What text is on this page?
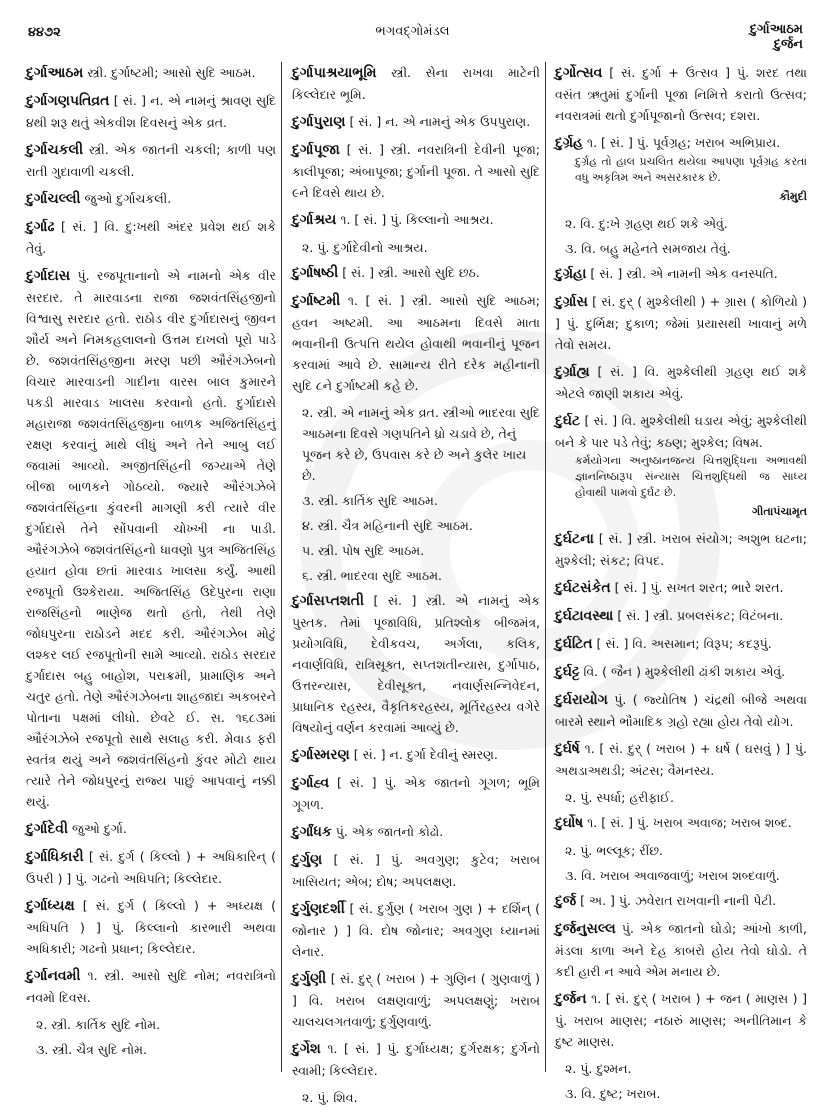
૪૪૭૨	ભગવદ્ગોમંડલ	દુર્ગાઆઠમ
દુર્જન
દુર્ગાઆઠમ સ્ત્રી. દુર્ગાષ્ટમી; આસો સુદિ આઠમ.
દુર્ગાગણપતિવ્રત [ સં. ] ન. એ નામનું શ્રાવણ સુદિ ૪થી શરૂ થતું એકવીશ દિવસનું એક વ્રત.
દુર્ગાચકલી સ્ત્રી. એક જાતની ચકલી; કાળી પણ રાતી ગુદાવાળી ચકલી.
દુર્ગાચલ્લી જુઓ દુર્ગાચકલી.
દુર્ગાઢ [ સં. ] વિ. દુ:ખથી અંદર પ્રવેશ થઈ શકે તેવું.
દુર્ગાદાસ પું. રજપૂતાનાનો એ નામનો એક વીર સરદાર. તે મારવાડના રાજા જશવંતસિંહજીનો વિશ્વાસુ સરદાર હતો. રાઠોડ વીર દુર્ગાદાસનું જીવન શૌર્ય અને નિમકહલાલનો ઉત્તમ દાખલો પૂરો પાડે છે. જશવંતસિંહજીના મરણ પછી ઔરંગઝેબનો વિચાર મારવાડની ગાદીના વારસ બાલ કુમારને પકડી મારવાડ ખાલસા કરવાનો હતો. દુર્ગાદાસે મહારાજા જશવંતસિંહજીના બાળક અજિતસિંહનું રક્ષણ કરવાનું માથે લીધું અને તેને આબુ લઈ જવામાં આવ્યો. અજીતસિંહની જગ્યાએ તેણે બીજા બાળકને ગોઠવ્યો. જ્યારે ઔરંગઝેબે જશવંતસિંહના કુંવરની માગણી કરી ત્યારે વીર દુર્ગાદાસે તેને સોંપવાની ચોખ્ખી ના પાડી. ઔરંગઝેબે જશવંતસિંહનો ધાવણો પુત્ર અજિતસિંહ હયાત હોવા છતાં મારવાડ ખાલસા કર્યું. આથી રજપૂતો ઉશ્કેરાયા. અજિતસિંહ ઉદેપુરના રાણા રાજસિંહનો ભાણેજ થતો હતો, તેથી તેણે જોધપુરના રાઠોડને મદદ કરી. ઔરંગઝેબ મોટું લશ્કર લઈ રજપૂતોની સામે આવ્યો. રાઠોડ સરદાર દુર્ગાદાસ બહુ બાહોશ, પરાક્રમી, પ્રામાણિક અને ચતુર હતો. તેણે ઔરંગઝેબના શાહજાદા અકબરને પોતાના પક્ષમાં લીધો. છેવટે ઈ. સ. ૧૬૮૩માં ઔરંગઝેબે રજપૂતો સાથે સલાહ કરી. મેવાડ ફરી સ્વતંત્ર થયું અને જશવંતસિંહનો કુંવર મોટો થાય ત્યારે તેને જોધપુરનું રાજ્ય પાછું આપવાનું નક્કી થયું.
દુર્ગાદેવી જુઓ દુર્ગા.
દુર્ગાધિકારી [ સં. દુર્ગ ( કિલ્લો ) + અધિકારિન્ ( ઉપરી ) ] પું. ગઢનો અધિપતિ; કિલ્લેદાર.
દુર્ગાધ્યક્ષ [ સં. દુર્ગ ( કિલ્લો ) + અધ્યક્ષ ( અધિપતિ ) ] પું. કિલ્લાનો કારભારી અથવા અધિકારી; ગઢનો પ્રધાન; કિલ્લેદાર.
દુર્ગાનવમી ૧. સ્ત્રી. આસો સુદિ નોમ; નવરાત્રિનો નવમો દિવસ.
૨. સ્ત્રી. કાર્તિક સુદિ નોમ.
૩. સ્ત્રી. ચૈત્ર સુદિ નોમ.
દુર્ગાપાશ્રયાભૂમિ સ્ત્રી. સેના રાખવા માટેની કિલ્લેદાર ભૂમિ.
દુર્ગાપુરાણ [ સં. ] ન. એ નામનું એક ઉપપુરાણ.
દુર્ગાપૂજા [ સં. ] સ્ત્રી. નવરાત્રિની દેવીની પૂજા; કાલીપૂજા; અંબાપૂજા; દુર્ગાની પૂજા. તે આસો સુદિ ૯ને દિવસે થાય છે.
દુર્ગાશ્રય ૧. [ સં. ] પું. કિલ્લાનો આશ્રય.
૨. પું. દુર્ગાદેવીનો આશ્રય.
દુર્ગાષષ્ઠી [ સં. ] સ્ત્રી. આસો સુદિ છઠ.
દુર્ગાષ્ટમી ૧. [ સં. ] સ્ત્રી. આસો સુદિ આઠમ; હવન અષ્ટમી. આ આઠમના દિવસે માતા ભવાનીની ઉત્પત્તિ થયેલ હોવાથી ભવાનીનું પૂજન કરવામાં આવે છે. સામાન્ય રીતે દરેક મહીનાની સુદિ ૮ને દુર્ગાષ્ટમી કહે છે.
૨. સ્ત્રી. એ નામનું એક વ્રત. સ્ત્રીઓ ભાદરવા સુદિ આઠમના દિવસે ગણપતિને ધ્રો ચડાવે છે, તેનું પૂજન કરે છે, ઉપવાસ કરે છે અને કુલેર ખાય છે.
૩. સ્ત્રી. કાર્તિક સુદિ આઠમ.
૪. સ્ત્રી. ચૈત્ર મહિનાની સુદિ આઠમ.
૫. સ્ત્રી. પોષ સુદિ આઠમ.
૬. સ્ત્રી. ભાદરવા સુદિ આઠમ.
દુર્ગાસપ્તશતી [ સં. ] સ્ત્રી. એ નામનું એક પુસ્તક. તેમાં પૂજાવિધિ, પ્રતિશ્લોક બીજમંત્ર, પ્રયોગવિધિ, દેવીકવચ, અર્ગલા, કલિક, નવાર્ણવિધિ, રાત્રિસૂક્ત, સપ્તશતીન્યાસ, દુર્ગાપાઠ, ઉત્તરન્યાસ, દેવીસૂક્ત, નવાર્ણસન્નિવેદન, પ્રાધાનિક રહસ્ય, વૈકૃતિકરહસ્ય, મૂર્તિરહસ્ય વગેરે વિષયોનું વર્ણન કરવામાં આવ્યું છે.
દુર્ગાસ્મરણ [ સં. ] ન. દુર્ગા દેવીનું સ્મરણ.
દુર્ગાહ્વ [ સં. ] પું. એક જાતનો ગૂગળ; ભૂમિ ગૂગળ.
દુર્ગાંધક પું. એક જાતનો કોઢો.
દુર્ગુણ [ સં. ] પું. અવગુણ; કુટેવ; ખરાબ ખાસિયત; એબ; દોષ; અપલક્ષણ.
દુર્ગુણદર્શી [ સં. દુર્ગુણ ( ખરાબ ગુણ ) + દર્શિન્ ( જોનાર ) ] વિ. દોષ જોનાર; અવગુણ ધ્યાનમાં લેનાર.
દુર્ગુણી [ સં. દુર્ ( ખરાબ ) + ગુણિન ( ગુણવાળું ) ] વિ. ખરાબ લક્ષણવાળું; અપલક્ષણું; ખરાબ ચાલચલગતવાળું; દુર્ગુણવાળું.
દુર્ગેશ ૧. [ સં. ] પું. દુર્ગાધ્યક્ષ; દુર્ગરક્ષક; દુર્ગનો સ્વામી; કિલ્લેદાર.
૨. પું. શિવ.
દુર્ગોત્સવ [ સં. દુર્ગા + ઉત્સવ ] પું. શરદ તથા વસંત ઋતુમાં દુર્ગાની પૂજા નિમિત્તે કરાતો ઉત્સવ; નવરાત્રમાં થતો દુર્ગાપૂજાનો ઉત્સવ; દશરા.
દુર્ગ્રહ ૧. [ સં. ] પું. પૂર્વગ્રહ; ખરાબ અભિપ્રાય.
દુર્ગ્રહ તો હાલ પ્રચલિત થયેલા આપણા પૂર્વગ્રહ કરતાં વધુ અકૃત્રિમ અને અસરકારક છે.
કૌમુદી
૨. વિ. દુ:ખે ગ્રહણ થઈ શકે એવું.
૩. વિ. બહુ મહેનતે સમજાય તેવું.
દુર્ગ્રહા [ સં. ] સ્ત્રી. એ નામની એક વનસ્પતિ.
દુર્ગ્રાસ [ સં. દુર્ ( મુશ્કેલીથી ) + ગ્રાસ ( કોળિયો ) ] પું. દુર્ભિક્ષ; દુકાળ; જેમાં પ્રયાસથી ખાવાનું મળે તેવો સમય.
દુર્ગ્રાહ્ય [ સં. ] વિ. મુશ્કેલીથી ગ્રહણ થઈ શકે એટલે જાણી શકાય એવું.
દુર્ઘટ [ સં. ] વિ. મુશ્કેલીથી ઘડાય એવું; મુશ્કેલીથી બને કે પાર પડે તેવું; કઠણ; મુશ્કેલ; વિષમ.
કર્મયોગના અનુષ્ઠાનજન્ય ચિત્તશુદ્ધિના અભાવથી જ્ઞાનનિષ્ઠારૂપ સંન્યાસ ચિત્તશુદ્ધિથી જ સાધ્ય હોવાથી પામવો દુર્ઘટ છે.
ગીતાપંચામૃત
દુર્ઘટના [ સં. ] સ્ત્રી. ખરાબ સંયોગ; અશુભ ઘટના; મુશ્કેલી; સંકટ; વિપદ.
દુર્ઘટસંકેત [ સં. ] પું. સખત શરત; ભારે શરત.
દુર્ઘટાવસ્થા [ સં. ] સ્ત્રી. પ્રબલસંકટ; વિટંબના.
દુર્ઘટિત [ સં. ] વિ. અસમાન; વિરૂપ; કદરૂપું.
દુર્ઘટ્ટ વિ. ( જૈન ) મુશ્કેલીથી ઢાંકી શકાય એવું.
દુર્ઘરાયોગ પું. ( જ્યોતિષ ) ચંદ્રથી બીજે અથવા બારમે સ્થાને ભૌમાદિક ગ્રહો રહ્યા હોય તેવો યોગ.
દુર્ઘર્ષ ૧. [ સં. દુર્ ( ખરાબ ) + ઘર્ષ ( ઘસવું ) ] પું. અથડાઅથડી; અંટસ; વૈમનસ્ય.
૨. પું. સ્પર્ધા; હરીફાઈ.
દુર્ઘોષ ૧. [ સં. ] પું. ખરાબ અવાજ; ખરાબ શબ્દ.
૨. પું. ભલ્લૂક; રીંછ.
૩. વિ. ખરાબ અવાજવાળું; ખરાબ શબ્દવાળું.
દુર્જ [ અ. ] પું. ઝવેરાત રાખવાની નાની પેટી.
દુર્જનુસલ્લ પું. એક જાતનો ઘોડો; આંખો કાળી, મંડલા કાળા અને દેહ કાબરો હોય તેવો ઘોડો. તે કદી હારી ન આવે એમ મનાય છે.
દુર્જન ૧. [ સં. દુર્ ( ખરાબ ) + જન ( માણસ ) ] પું. ખરાબ માણસ; નઠારું માણસ; અનીતિમાન કે દુષ્ટ માણસ.
૨. પું. દુશ્મન.
૩. વિ. દુષ્ટ; ખરાબ.
